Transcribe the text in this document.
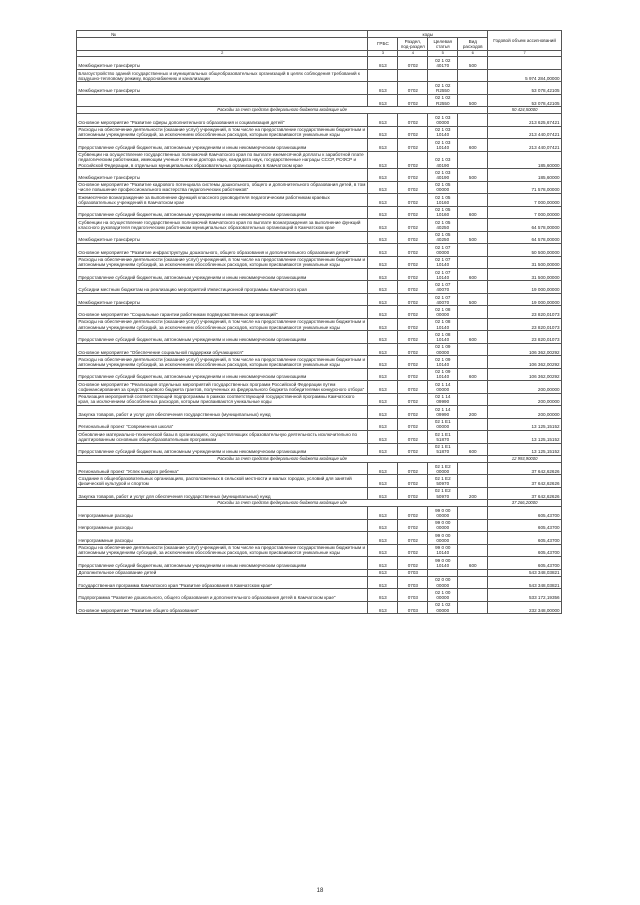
№	коды				Годовой объем ассигнований
	ГРБС	Раздел, под-раздел	Целевая статья	Вид расходов	
2	3	4	5	6	7
Межбюджетные трансферты	813	0702	02 1 02 40170	500	
Благоустройство зданий государственных и муниципальных общеобразовательных организаций в целях соблюдения требований к воздушно-тепловому режиму, водоснабжению и канализации					5 974 284,00000
Межбюджетные трансферты	813	0702	02 1 02 R2550		53 078,42105
	813	0702	02 1 02 R2550	500	53 078,42105
Расходы за счет средств федерального бюджета входящие иде					50 424,50000
Основное мероприятие "Развитие сферы дополнительного образования и социализация детей"	813	0702	02 1 03 00000		213 625,67421
Расходы на обеспечение деятельности (оказание услуг) учреждений, в том числе на предоставление государственным бюджетным и автономным учреждениям субсидий, за исключением обособленных расходов, которым присваиваются уникальные коды	813	0702	02 1 03 10140		213 440,07421
Предоставление субсидий бюджетным, автономным учреждениям и иным некоммерческим организациям	813	0702	02 1 03 10140	600	213 440,07421
Субвенции на осуществление государственных полномочий Камчатского края по выплате ежемесячной доплаты к заработной плате педагогическим работникам, имеющим ученые степени доктора наук, кандидата наук, государственные награды СССР, РСФСР и Российской Федерации, в отдельных муниципальных образовательных организациях в Камчатском крае	813	0702	02 1 03 40190		185,60000
Межбюджетные трансферты	813	0702	02 1 03 40190	500	185,60000
Основное мероприятие "Развитие кадрового потенциала системы дошкольного, общего и дополнительного образования детей, в том числе повышение профессионального мастерства педагогических работников"	813	0702	02 1 05 00000		71 578,00000
Ежемесячное вознаграждение за выполнение функций классного руководителя педагогическим работникам краевых образовательных учреждений в Камчатском крае	813	0702	02 1 05 10160		7 000,00000
Предоставление субсидий бюджетным, автономным учреждениям и иным некоммерческим организациям	813	0702	02 1 05 10160	600	7 000,00000
Субвенции на осуществление государственных полномочий Камчатского края по выплате вознаграждения за выполнение функций классного руководителя педагогическим работникам муниципальных образовательных организаций в Камчатском крае	813	0702	02 1 05 40250		64 578,00000
Межбюджетные трансферты	813	0702	02 1 05 40250	500	64 578,00000
Основное мероприятие "Развитие инфраструктуры дошкольного, общего образования и дополнительного образования детей"	813	0702	02 1 07 00000		50 500,00000
Расходы на обеспечение деятельности (оказание услуг) учреждений, в том числе на предоставление государственным бюджетным и автономным учреждениям субсидий, за исключением обособленных расходов, которым присваиваются уникальные коды	813	0702	02 1 07 10140		31 500,00000
Предоставление субсидий бюджетным, автономным учреждениям и иным некоммерческим организациям	813	0702	02 1 07 10140	600	31 500,00000
Субсидии местным бюджетам на реализацию мероприятий Инвестиционной программы Камчатского края	813	0702	02 1 07 40070		19 000,00000
Межбюджетные трансферты	813	0702	02 1 07 40070	500	19 000,00000
Основное мероприятие "Социальные гарантии работникам подведомственных организаций"	813	0702	02 1 08 00000		23 820,01073
Расходы на обеспечение деятельности (оказание услуг) учреждений, в том числе на предоставление государственным бюджетным и автономным учреждениям субсидий, за исключением обособленных расходов, которым присваиваются уникальные коды	813	0702	02 1 08 10140		23 820,01073
Предоставление субсидий бюджетным, автономным учреждениям и иным некоммерческим организациям	813	0702	02 1 08 10140	600	23 820,01073
Основное мероприятие "Обеспечение социальной поддержки обучающихся"	813	0702	02 1 09 00000		106 362,00292
Расходы на обеспечение деятельности (оказание услуг) учреждений, в том числе на предоставление государственным бюджетным и автономным учреждениям субсидий, за исключением обособленных расходов, которым присваиваются уникальные коды	813	0702	02 1 09 10140		106 362,00292
Предоставление субсидий бюджетным, автономным учреждениям и иным некоммерческим организациям	813	0702	02 1 09 10140	600	106 362,00292
Основное мероприятие "Реализация отдельных мероприятий государственных программ Российской Федерации путем софинансирования за средств краевого бюджета грантов, полученных из федерального бюджета победителями конкурсного отбора"	813	0702	02 1 14 00000		200,00000
Реализация мероприятий соответствующей подпрограммы в рамках соответствующей государственной программы Камчатского края, за исключением обособленных расходов, которым присваиваются уникальные коды	813	0702	02 1 14 09990		200,00000
Закупка товаров, работ и услуг для обеспечения государственных (муниципальных) нужд	813	0702	02 1 14 09990	200	200,00000
Региональный проект "Современная школа"	813	0702	02 1 E1 00000		13 125,15152
Обновление материально-технической базы в организациях, осуществляющих образовательную деятельность исключительно по адаптированным основным общеобразовательным программам	813	0702	02 1 E1 51870		13 125,15152
Предоставление субсидий бюджетным, автономным учреждениям и иным некоммерческим организациям	813	0702	02 1 E1 51870	600	13 125,15152
Расходы за счет средств федерального бюджета входящие иде					12 993,90000
Региональный проект "Успех каждого ребенка"	813	0702	02 1 E2 00000		37 642,62626
Создание в общеобразовательных организациях, расположенных в сельской местности и малых городах, условий для занятий физической культурой и спортом	813	0702	02 1 E2 50970		37 642,62626
Закупка товаров, работ и услуг для обеспечения государственных (муниципальных) нужд	813	0702	02 1 E2 50970	200	37 642,62626
Расходы за счет средств федерального бюджета входящие иде					37 266,20000
Непрограммные расходы	813	0702	99 0 00 00000		605,43700
Непрограммные расходы	813	0702	99 0 00 00000		605,43700
Непрограммные расходы	813	0702	99 0 00 00000		605,43700
Расходы на обеспечение деятельности (оказание услуг) учреждений, в том числе на предоставление государственным бюджетным и автономным учреждениям субсидий, за исключением обособленных расходов, которым присваиваются уникальные коды	813	0702	99 0 00 10140		605,43700
Предоставление субсидий бюджетным, автономным учреждениям и иным некоммерческим организациям	813	0702	99 0 00 10140	600	605,43700
Дополнительное образование детей	813	0703			543 348,03821
Государственная программа Камчатского края "Развитие образования в Камчатском крае"	813	0703	02 0 00 00000		543 348,03821
Подпрограмма "Развитие дошкольного, общего образования и дополнительного образования детей в Камчатском крае"	813	0703	02 1 00 00000		533 172,19356
Основное мероприятие "Развитие общего образования"	813	0703	02 1 02 00000		232 348,00000
18
